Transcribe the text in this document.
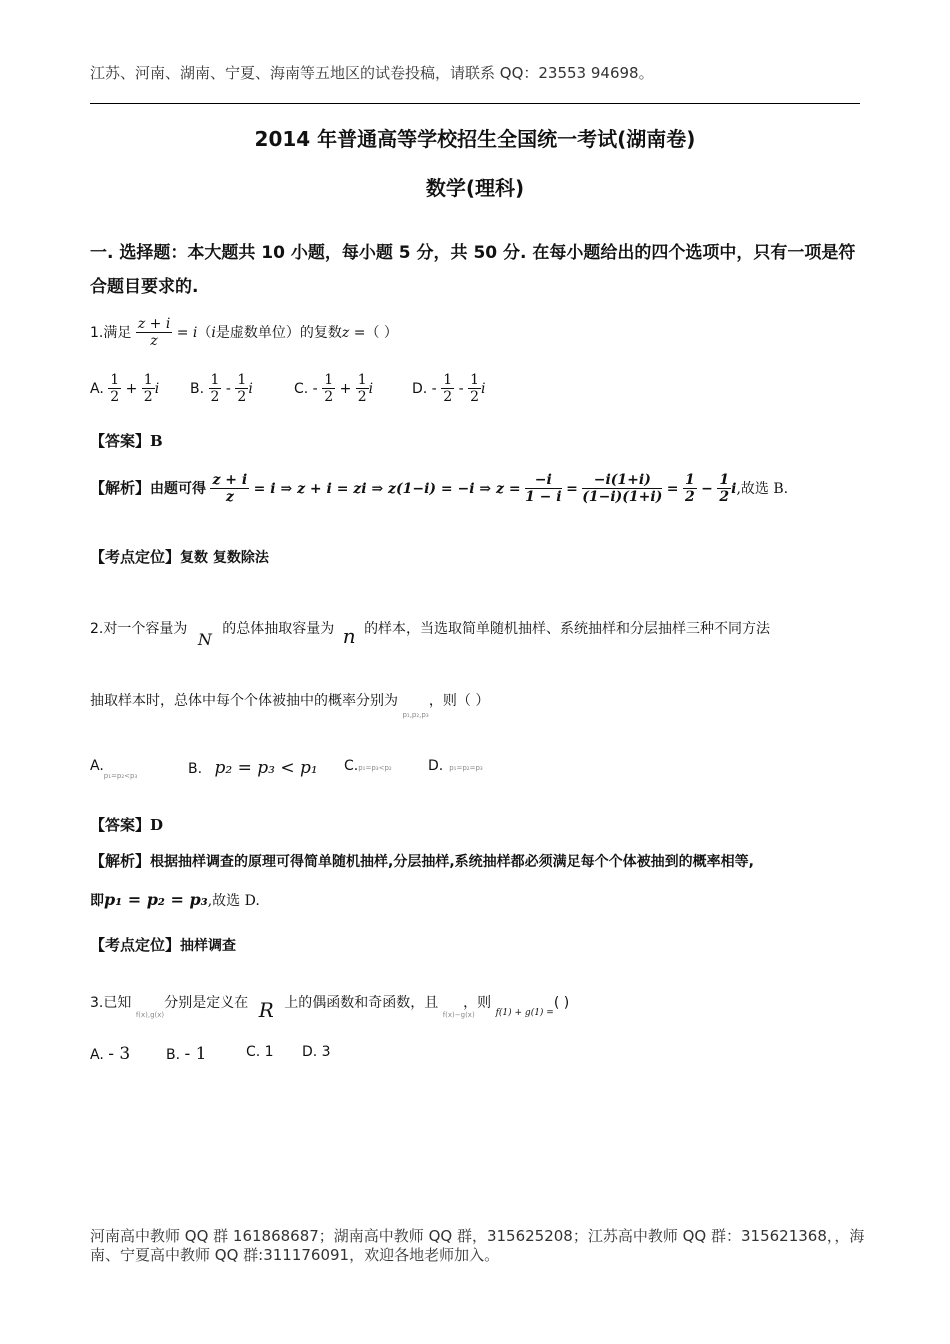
江苏、河南、湖南、宁夏、海南等五地区的试卷投稿，请联系 QQ：23553 94698。
2014 年普通高等学校招生全国统一考试(湖南卷)
数学(理科)
一. 选择题：本大题共 10 小题，每小题 5 分，共 50 分. 在每小题给出的四个选项中，只有一项是符合题目要求的.
1.满足 $\frac{z + i}{z} = i(i$是虚数单位）的复数z =（ ）
A. $\frac{1}{2} + \frac{1}{2}$ i B. $\frac{1}{2} - \frac{1}{2}$ i	C. - $\frac{1}{2} + \frac{1}{2}$ i	D. - $\frac{1}{2} - \frac{1}{2}$ i
【答案】B
【解析】由题可得 $\frac{z + i}{z} = i$ ⇒ z + i = zi ⇒ z(1−i) = −i ⇒ $z = \frac{-i}{1 - i} = \frac{-i(1+i)}{(1-i)(1+i)} = \frac{1}{2} - \frac{1}{2} i$,故选 B.
【考点定位】复数 复数除法
2.对一个容量为 N 的总体抽取容量为 n 的样本，当选取简单随机抽样、系统抽样和分层抽样三种不同方法
抽取样本时，总体中每个个体被抽中的概率分别为 p₁,p₂,p₃ ，则（ ）
$A._{p_1=p_2<p_3}$	B. p₂ = p₃ < p₁ C.p₁=p₃<p₂	D. p₁=p₂=p₃
【答案】D
【解析】根据抽样调查的原理可得简单随机抽样,分层抽样,系统抽样都必须满足每个个体被抽到的概率相等,
即p₁ = p₂ = p₃,故选 D.
【考点定位】抽样调查
3.已知 f(x),g(x) 分别是定义在 R 上的偶函数和奇函数，且 f(x)−g(x) ，则 $_{f(1) + g(1) =}$( )
A. - 3	B. - 1	C. 1 D. 3
河南高中教师 QQ 群 161868687；湖南高中教师 QQ 群，315625208；江苏高中教师 QQ 群：315621368，，海南、宁夏高中教师 QQ 群:311176091，欢迎各地老师加入。
